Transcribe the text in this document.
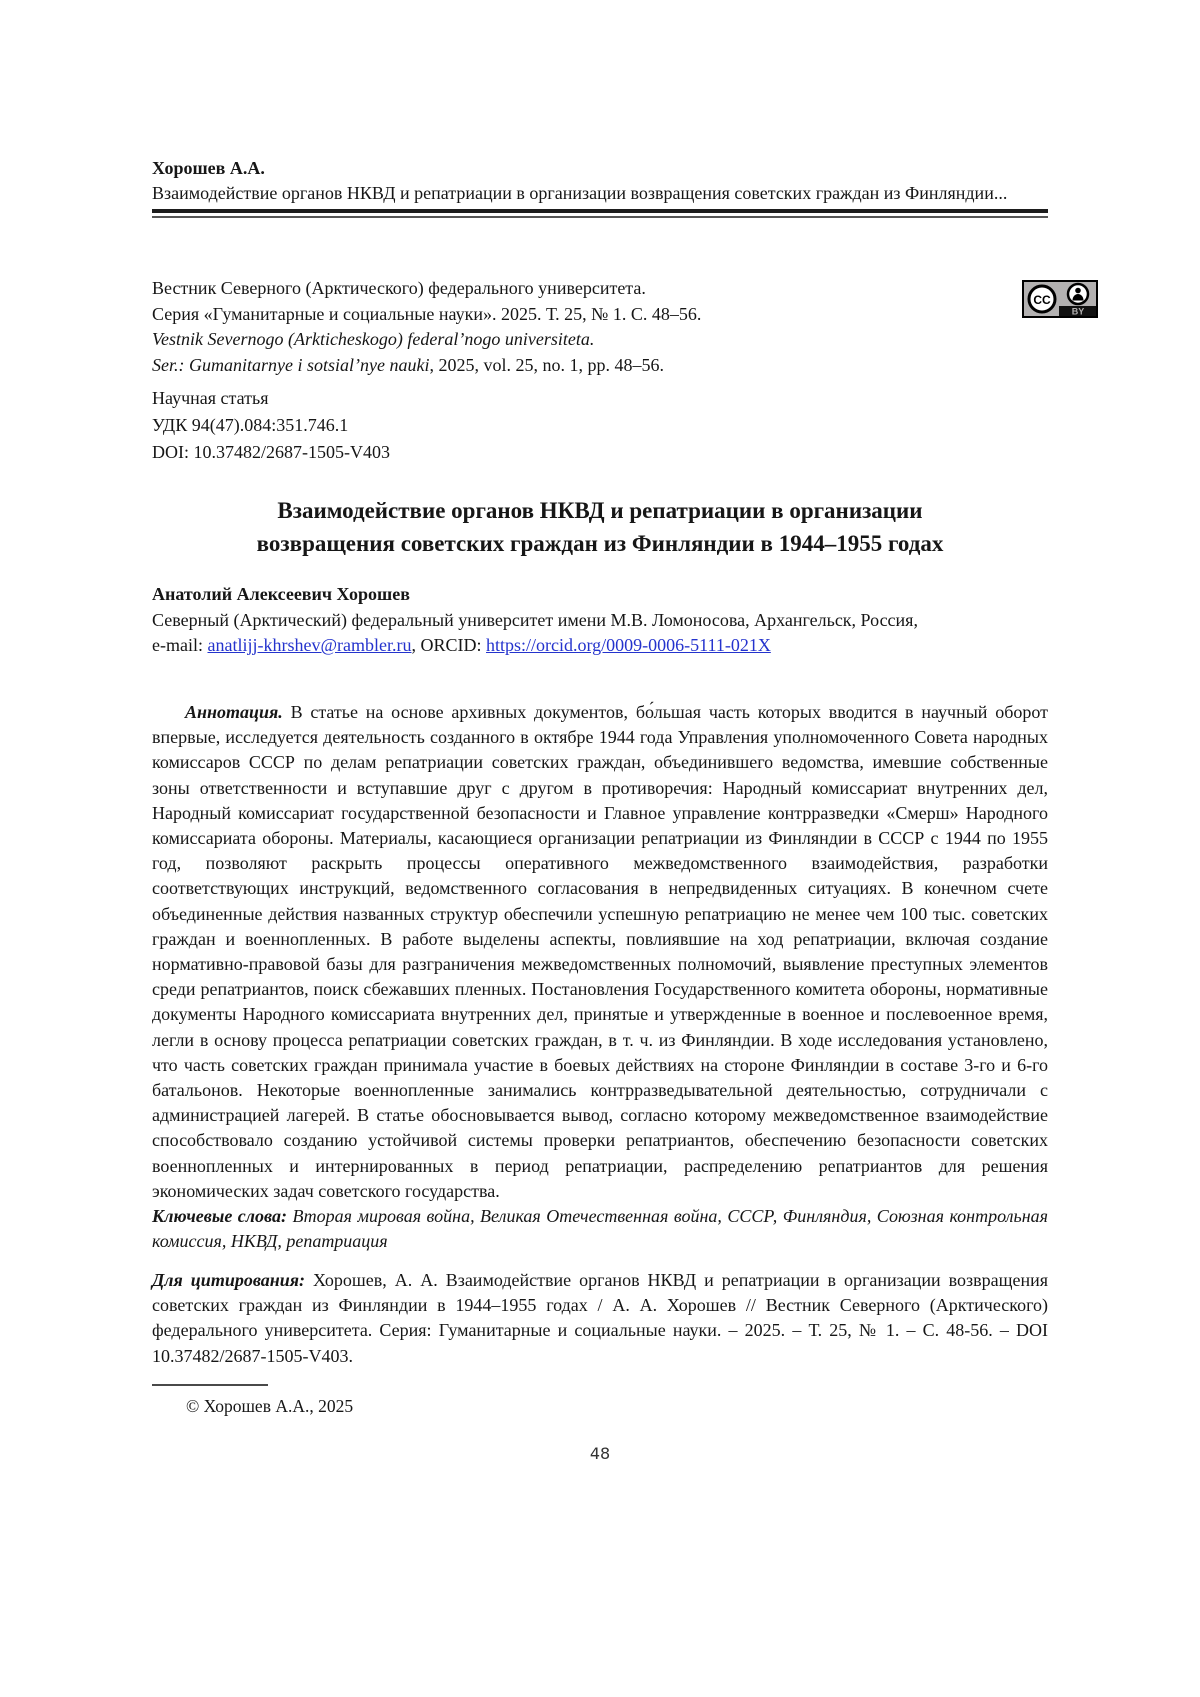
Хорошев А.А.
Взаимодействие органов НКВД и репатриации в организации возвращения советских граждан из Финляндии...
Вестник Северного (Арктического) федерального университета.
Серия «Гуманитарные и социальные науки». 2025. Т. 25, № 1. С. 48–56.
Vestnik Severnogo (Arkticheskogo) federal’nogo universiteta.
Ser.: Gumanitarnye i sotsial’nye nauki, 2025, vol. 25, no. 1, pp. 48–56.
BY
CC
Научная статья
УДК 94(47).084:351.746.1
DOI: 10.37482/2687-1505-V403
Взаимодействие органов НКВД и репатриации в организации
возвращения советских граждан из Финляндии в 1944–1955 годах
Анатолий Алексеевич Хорошев
Северный (Арктический) федеральный университет имени М.В. Ломоносова, Архангельск, Россия,
e-mail: anatlijj-khrshev@rambler.ru, ORCID: https://orcid.org/0009-0006-5111-021X

Аннотация. В статье на основе архивных документов, бо́льшая часть которых вводится в научный оборот впервые, исследуется деятельность созданного в октябре 1944 года Управления уполномоченного Совета народных комиссаров СССР по делам репатриации советских граждан, объединившего ведомства, имевшие собственные зоны ответственности и вступавшие друг с другом в противоречия: Народный комиссариат внутренних дел, Народный комиссариат государственной безопасности и Главное управление контрразведки «Смерш» Народного комиссариата обороны. Материалы, касающиеся организации репатриации из Финляндии в СССР с 1944 по 1955 год, позволяют раскрыть процессы оперативного межведомственного взаимодействия, разработки соответствующих инструкций, ведомственного согласования в непредвиденных ситуациях. В конечном счете объединенные действия названных структур обеспечили успешную репатриацию не менее чем 100 тыс. советских граждан и военнопленных. В работе выделены аспекты, повлиявшие на ход репатриации, включая создание нормативно-правовой базы для разграничения межведомственных полномочий, выявление преступных элементов среди репатриантов, поиск сбежавших пленных. Постановления Государственного комитета обороны, нормативные документы Народного комиссариата внутренних дел, принятые и утвержденные в военное и послевоенное время, легли в основу процесса репатриации советских граждан, в т. ч. из Финляндии. В ходе исследования установлено, что часть советских граждан принимала участие в боевых действиях на стороне Финляндии в составе 3-го и 6-го батальонов. Некоторые военнопленные занимались контрразведывательной деятельностью, сотрудничали с администрацией лагерей. В статье обосновывается вывод, согласно которому межведомственное взаимодействие способствовало созданию устойчивой системы проверки репатриантов, обеспечению безопасности советских военнопленных и интернированных в период репатриации, распределению репатриантов для решения экономических задач советского государства.

Ключевые слова: Вторая мировая война, Великая Отечественная война, СССР, Финляндия, Союзная контрольная комиссия, НКВД, репатриация

Для цитирования: Хорошев, А. А. Взаимодействие органов НКВД и репатриации в организации возвращения советских граждан из Финляндии в 1944–1955 годах / А. А. Хорошев // Вестник Северного (Арктического) федерального университета. Серия: Гуманитарные и социальные науки. – 2025. – Т. 25, № 1. – С. 48-56. – DOI 10.37482/2687-1505-V403.

© Хорошев А.А., 2025
48
